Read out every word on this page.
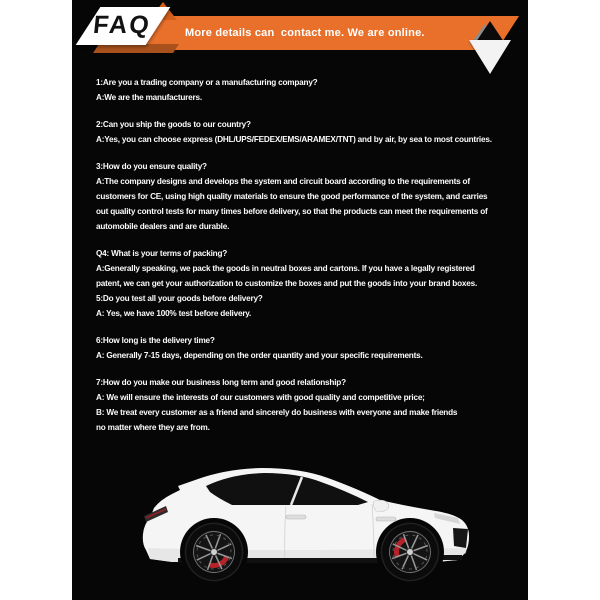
FAQ	More details can  contact me. We are online.
1:Are you a trading company or a manufacturing company?
A:We are the manufacturers.
2:Can you ship the goods to our country?
A:Yes, you can choose express (DHL/UPS/FEDEX/EMS/ARAMEX/TNT) and by air, by sea to most countries.
3:How do you ensure quality?
A:The company designs and develops the system and circuit board according to the requirements of
customers for CE, using high quality materials to ensure the good performance of the system, and carries
out quality control tests for many times before delivery, so that the products can meet the requirements of
automobile dealers and are durable.
Q4: What is your terms of packing?
A:Generally speaking, we pack the goods in neutral boxes and cartons. If you have a legally registered
patent, we can get your authorization to customize the boxes and put the goods into your brand boxes.
5:Do you test all your goods before delivery?
A: Yes, we have 100% test before delivery.
6:How long is the delivery time?
A: Generally 7-15 days, depending on the order quantity and your specific requirements.
7:How do you make our business long term and good relationship?
A: We will ensure the interests of our customers with good quality and competitive price;
B: We treat every customer as a friend and sincerely do business with everyone and make friends
no matter where they are from.
